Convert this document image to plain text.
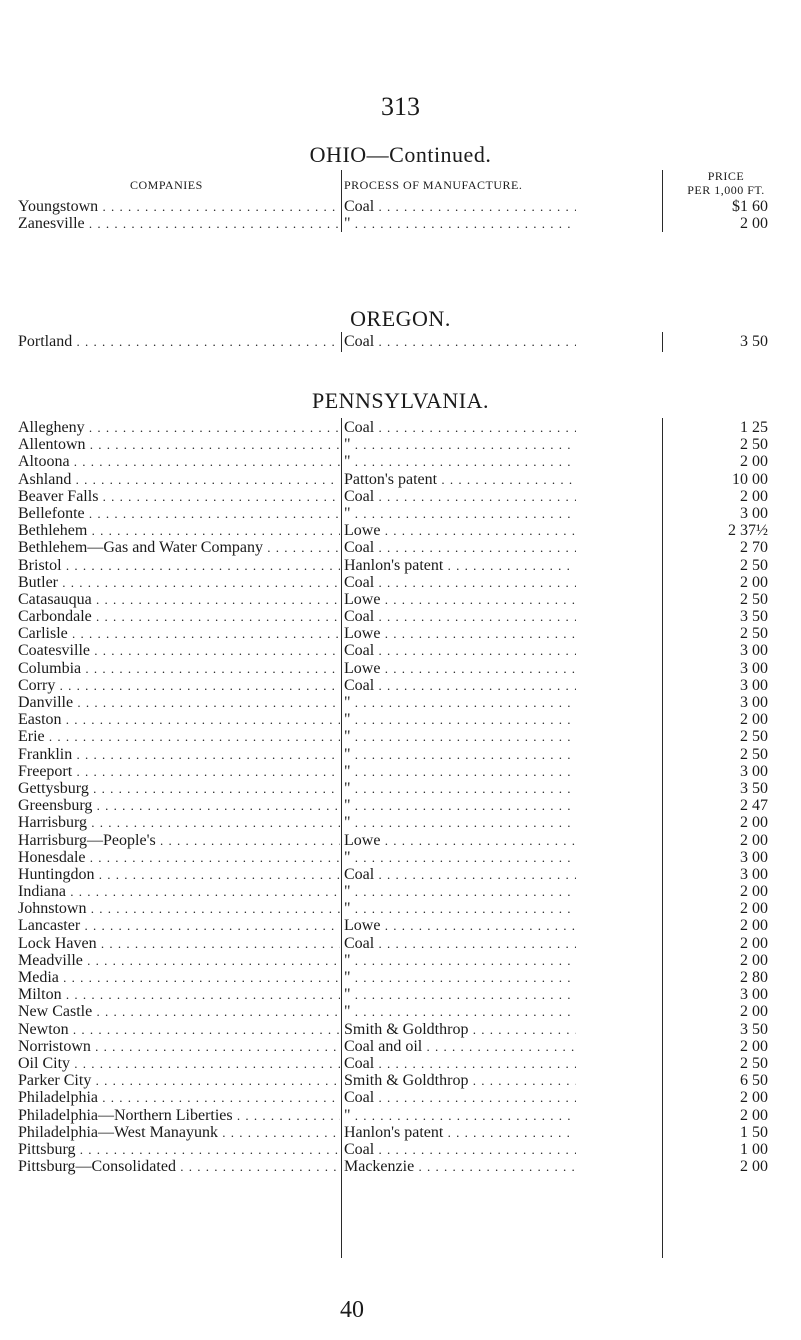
313
OHIO—Continued.
COMPANIES	PROCESS OF MANUFACTURE.
PRICE
PER 1,000 FT.
Youngstown . . .	Coal . . .	$1 60
Zanesville . . .	" . . .	2 00
OREGON.
Portland . . .	Coal . . .	3 50
PENNSYLVANIA.
Allegheny . . .	Coal . . .	1 25
Allentown . . .	" . . .	2 50
Altoona . . .	" . . .	2 00
Ashland . . .	Patton's patent . . .	10 00
Beaver Falls . . .	Coal . . .	2 00
Bellefonte . . .	" . . .	3 00
Bethlehem . . .	Lowe . . .	2 37½
Bethlehem—Gas and Water Company . . .	Coal . . .	2 70
Bristol . . .	Hanlon's patent . . .	2 50
Butler . . .	Coal . . .	2 00
Catasauqua . . .	Lowe . . .	2 50
Carbondale . . .	Coal . . .	3 50
Carlisle . . .	Lowe . . .	2 50
Coatesville . . .	Coal . . .	3 00
Columbia . . .	Lowe . . .	3 00
Corry . . .	Coal . . .	3 00
Danville . . .	" . . .	3 00
Easton . . .	" . . .	2 00
Erie . . .	" . . .	2 50
Franklin . . .	" . . .	2 50
Freeport . . .	" . . .	3 00
Gettysburg . . .	" . . .	3 50
Greensburg . . .	" . . .	2 47
Harrisburg . . .	" . . .	2 00
Harrisburg—People's . . .	Lowe . . .	2 00
Honesdale . . .	" . . .	3 00
Huntingdon . . .	Coal . . .	3 00
Indiana . . .	" . . .	2 00
Johnstown . . .	" . . .	2 00
Lancaster . . .	Lowe . . .	2 00
Lock Haven . . .	Coal . . .	2 00
Meadville . . .	" . . .	2 00
Media . . .	" . . .	2 80
Milton . . .	" . . .	3 00
New Castle . . .	" . . .	2 00
Newton . . .	Smith & Goldthrop . . .	3 50
Norristown . . .	Coal and oil . . .	2 00
Oil City . . .	Coal . . .	2 50
Parker City . . .	Smith & Goldthrop . . .	6 50
Philadelphia . . .	Coal . . .	2 00
Philadelphia—Northern Liberties . . .	" . . .	2 00
Philadelphia—West Manayunk . . .	Hanlon's patent . . .	1 50
Pittsburg . . .	Coal . . .	1 00
Pittsburg—Consolidated . . .	Mackenzie . . .	2 00
40
